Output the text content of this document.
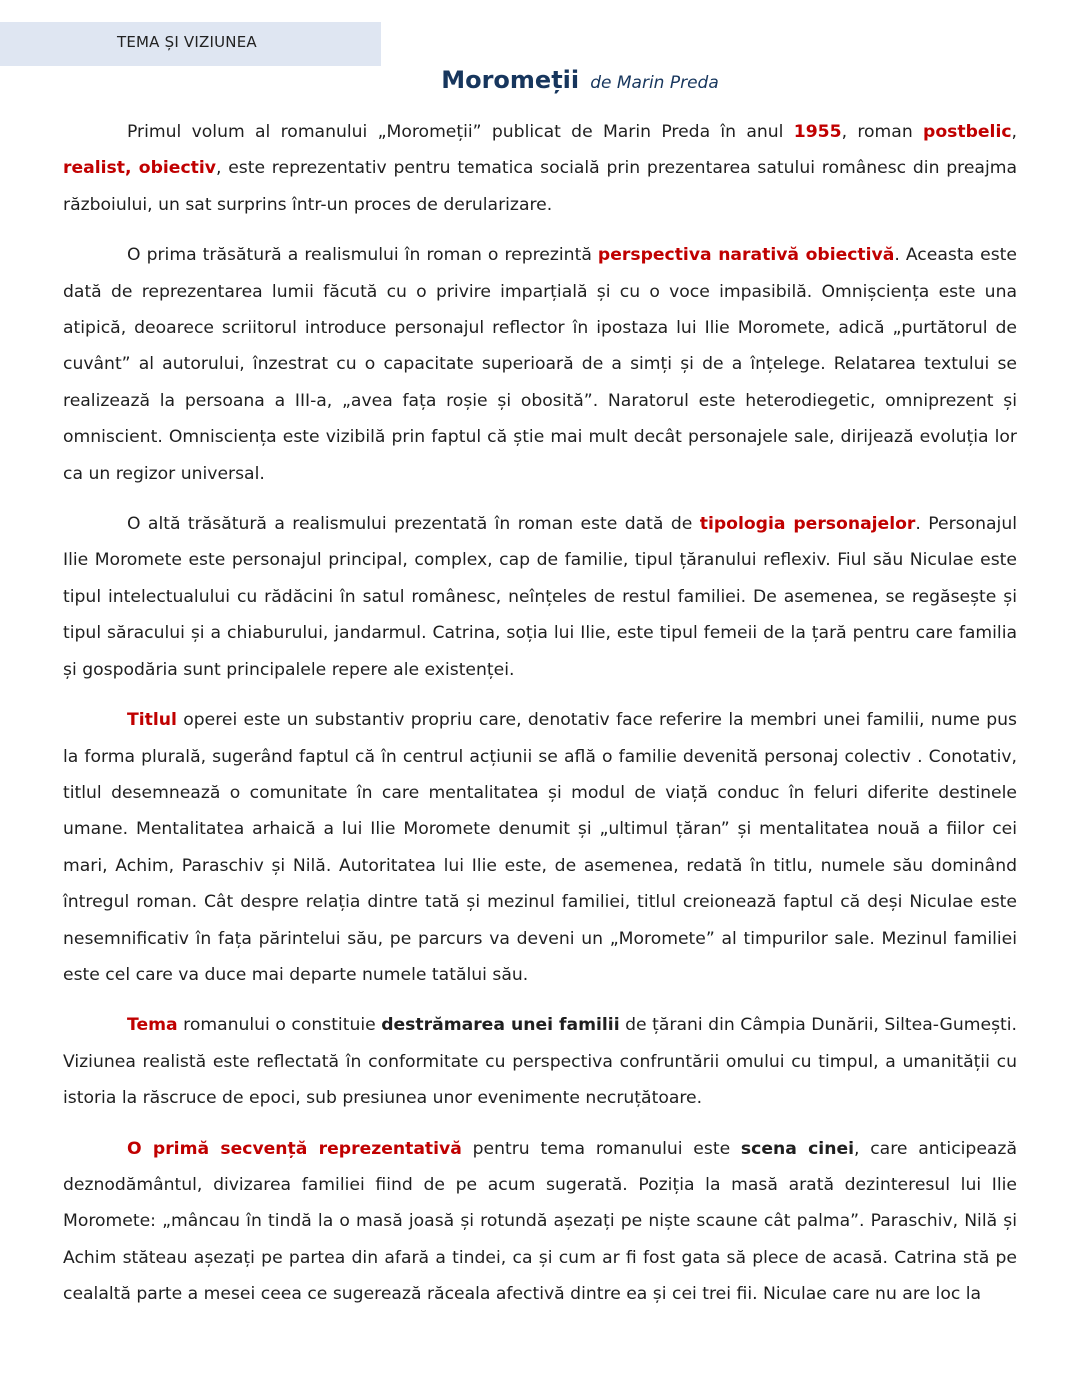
TEMA ȘI VIZIUNEA
Moromeții de Marin Preda

Primul volum al romanului „Moromeții” publicat de Marin Preda în anul 1955, roman postbelic, realist, obiectiv, este reprezentativ pentru tematica socială prin prezentarea satului românesc din preajma războiului, un sat surprins într-un proces de derularizare.

O prima trăsătură a realismului în roman o reprezintă perspectiva narativă obiectivă. Aceasta este dată de reprezentarea lumii făcută cu o privire imparțială și cu o voce impasibilă. Omnișciența este una atipică, deoarece scriitorul introduce personajul reflector în ipostaza lui Ilie Moromete, adică „purtătorul de cuvânt” al autorului, înzestrat cu o capacitate superioară de a simți și de a înțelege. Relatarea textului se realizează la persoana a III-a, „avea fața roșie și obosită”. Naratorul este heterodiegetic, omniprezent și omniscient. Omnisciența este vizibilă prin faptul că știe mai mult decât personajele sale, dirijează evoluția lor ca un regizor universal.

O altă trăsătură a realismului prezentată în roman este dată de tipologia personajelor. Personajul Ilie Moromete este personajul principal, complex, cap de familie, tipul țăranului reflexiv. Fiul său Niculae este tipul intelectualului cu rădăcini în satul românesc, neînțeles de restul familiei. De asemenea, se regăsește și tipul săracului și a chiaburului, jandarmul. Catrina, soția lui Ilie, este tipul femeii de la țară pentru care familia și gospodăria sunt principalele repere ale existenței.

Titlul operei este un substantiv propriu care, denotativ face referire la membri unei familii, nume pus la forma plurală, sugerând faptul că în centrul acțiunii se află o familie devenită personaj colectiv . Conotativ, titlul desemnează o comunitate în care mentalitatea și modul de viață conduc în feluri diferite destinele umane. Mentalitatea arhaică a lui Ilie Moromete denumit și „ultimul țăran” și mentalitatea nouă a fiilor cei mari, Achim, Paraschiv și Nilă. Autoritatea lui Ilie este, de asemenea, redată în titlu, numele său dominând întregul roman. Cât despre relația dintre tată și mezinul familiei, titlul creionează faptul că deși Niculae este nesemnificativ în fața părintelui său, pe parcurs va deveni un „Moromete” al timpurilor sale. Mezinul familiei este cel care va duce mai departe numele tatălui său.

Tema romanului o constituie destrămarea unei familii de țărani din Câmpia Dunării, Siltea-Gumești. Viziunea realistă este reflectată în conformitate cu perspectiva confruntării omului cu timpul, a umanității cu istoria la răscruce de epoci, sub presiunea unor evenimente necruțătoare.

O primă secvență reprezentativă pentru tema romanului este scena cinei, care anticipează deznodământul, divizarea familiei fiind de pe acum sugerată. Poziția la masă arată dezinteresul lui Ilie Moromete: „mâncau în tindă la o masă joasă și rotundă așezați pe niște scaune cât palma”. Paraschiv, Nilă și Achim stăteau așezați pe partea din afară a tindei, ca și cum ar fi fost gata să plece de acasă. Catrina stă pe cealaltă parte a mesei ceea ce sugerează răceala afectivă dintre ea și cei trei fii. Niculae care nu are loc la
